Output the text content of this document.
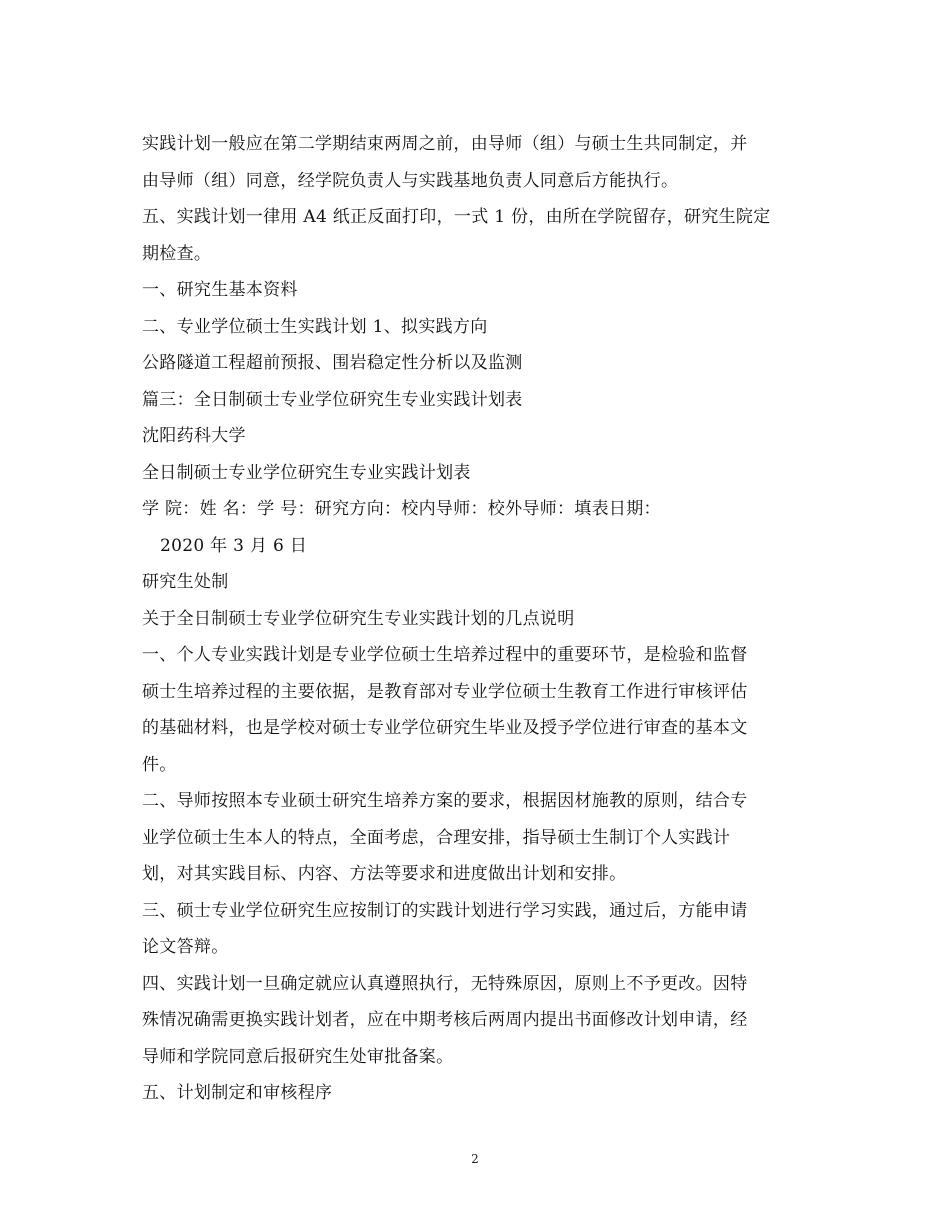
实践计划一般应在第二学期结束两周之前，由导师（组）与硕士生共同制定，并
由导师（组）同意，经学院负责人与实践基地负责人同意后方能执行。
五、实践计划一律用 A4 纸正反面打印，一式 1 份，由所在学院留存，研究生院定
期检查。
一、研究生基本资料
二、专业学位硕士生实践计划 1、拟实践方向
公路隧道工程超前预报、围岩稳定性分析以及监测
篇三：全日制硕士专业学位研究生专业实践计划表
沈阳药科大学
全日制硕士专业学位研究生专业实践计划表
学 院：姓 名：学 号：研究方向：校内导师：校外导师：填表日期：
2020 年 3 月 6 日
研究生处制
关于全日制硕士专业学位研究生专业实践计划的几点说明
一、个人专业实践计划是专业学位硕士生培养过程中的重要环节，是检验和监督
硕士生培养过程的主要依据，是教育部对专业学位硕士生教育工作进行审核评估
的基础材料，也是学校对硕士专业学位研究生毕业及授予学位进行审查的基本文
件。
二、导师按照本专业硕士研究生培养方案的要求，根据因材施教的原则，结合专
业学位硕士生本人的特点，全面考虑，合理安排，指导硕士生制订个人实践计
划，对其实践目标、内容、方法等要求和进度做出计划和安排。
三、硕士专业学位研究生应按制订的实践计划进行学习实践，通过后，方能申请
论文答辩。
四、实践计划一旦确定就应认真遵照执行，无特殊原因，原则上不予更改。因特
殊情况确需更换实践计划者，应在中期考核后两周内提出书面修改计划申请，经
导师和学院同意后报研究生处审批备案。
五、计划制定和审核程序
2
